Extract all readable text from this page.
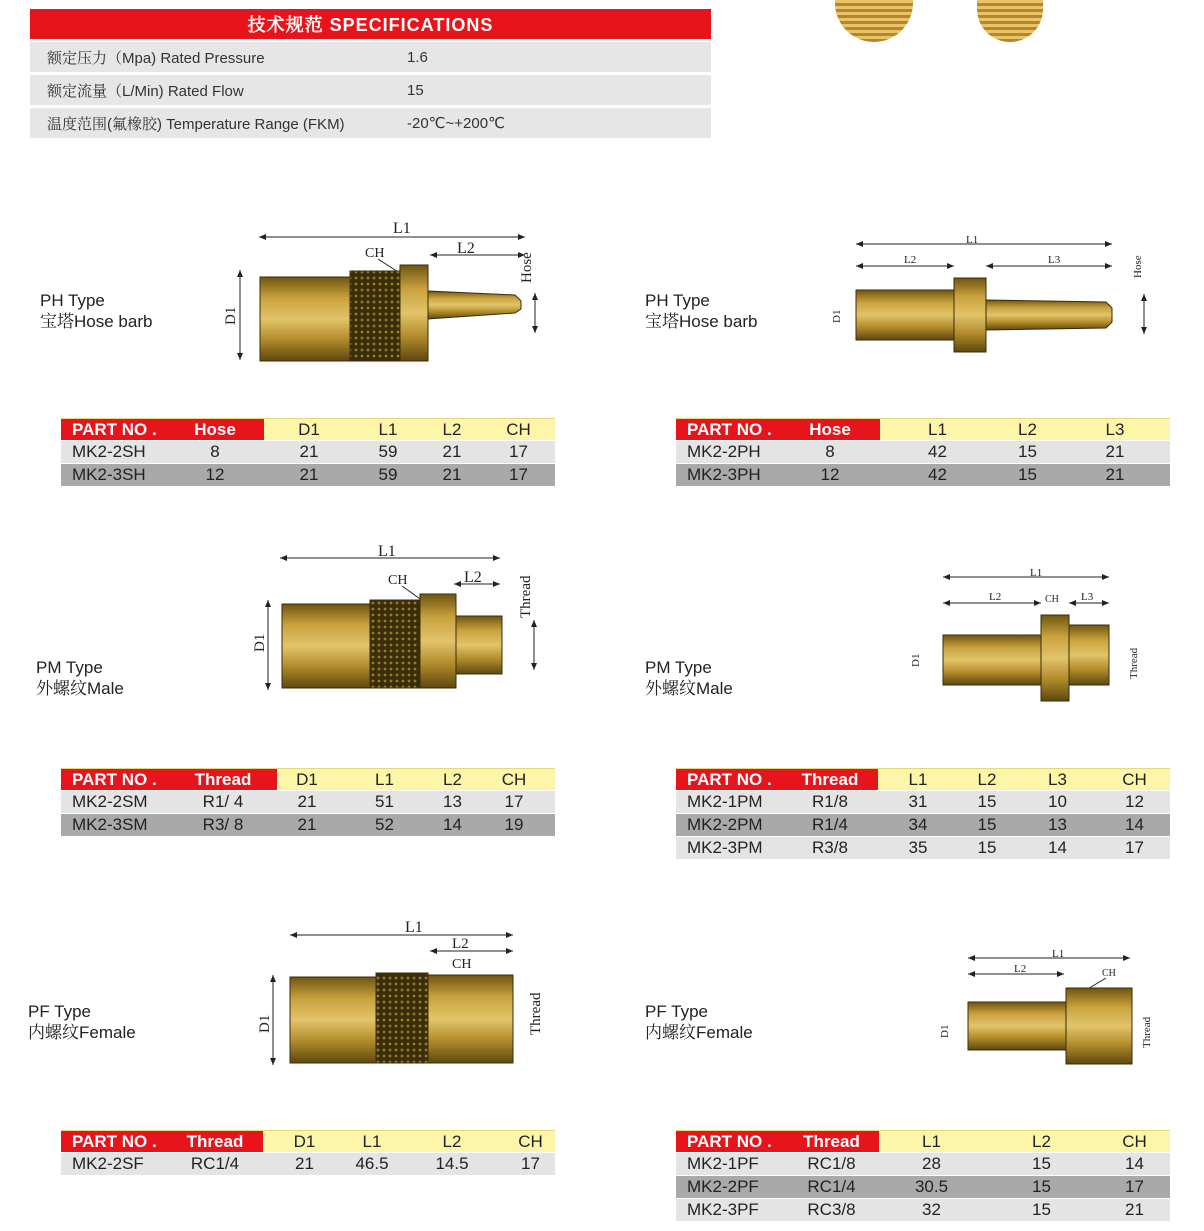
技术规范 SPECIFICATIONS
额定压力（Mpa) Rated Pressure	1.6
额定流量（L/Min) Rated Flow	15
温度范围(氟橡胶) Temperature Range (FKM)	-20℃~+200℃
PH Type
宝塔Hose barb
PH Type
宝塔Hose barb
PM Type
外螺纹Male
PM Type
外螺纹Male
PF Type
内螺纹Female
PF Type
内螺纹Female
L1
L2
CH
D1
Hose
L1
L2	L3
D1
Hose
L1
L2
CH
D1
Thread
L1
L2	CH L3
D1	Thread
L1
L2
CH
D1	Thread
L1
L2	CH
D1	Thread
PART NO .	Hose	D1	L1	L2	CH
MK2-2SH	8	21	59	21	17
MK2-3SH	12	21	59	21	17
PART NO .	Hose	L1	L2	L3
MK2-2PH	8	42	15	21
MK2-3PH	12	42	15	21
PART NO .	Thread	D1	L1	L2	CH
MK2-2SM	R1/ 4	21	51	13	17
MK2-3SM	R3/ 8	21	52	14	19
PART NO .	Thread	L1	L2	L3	CH
MK2-1PM	R1/8	31	15	10	12
MK2-2PM	R1/4	34	15	13	14
MK2-3PM	R3/8	35	15	14	17
PART NO .	Thread	D1	L1	L2	CH
MK2-2SF	RC1/4	21	46.5	14.5	17
PART NO .	Thread	L1	L2	CH
MK2-1PF	RC1/8	28	15	14
MK2-2PF	RC1/4	30.5	15	17
MK2-3PF	RC3/8	32	15	21
